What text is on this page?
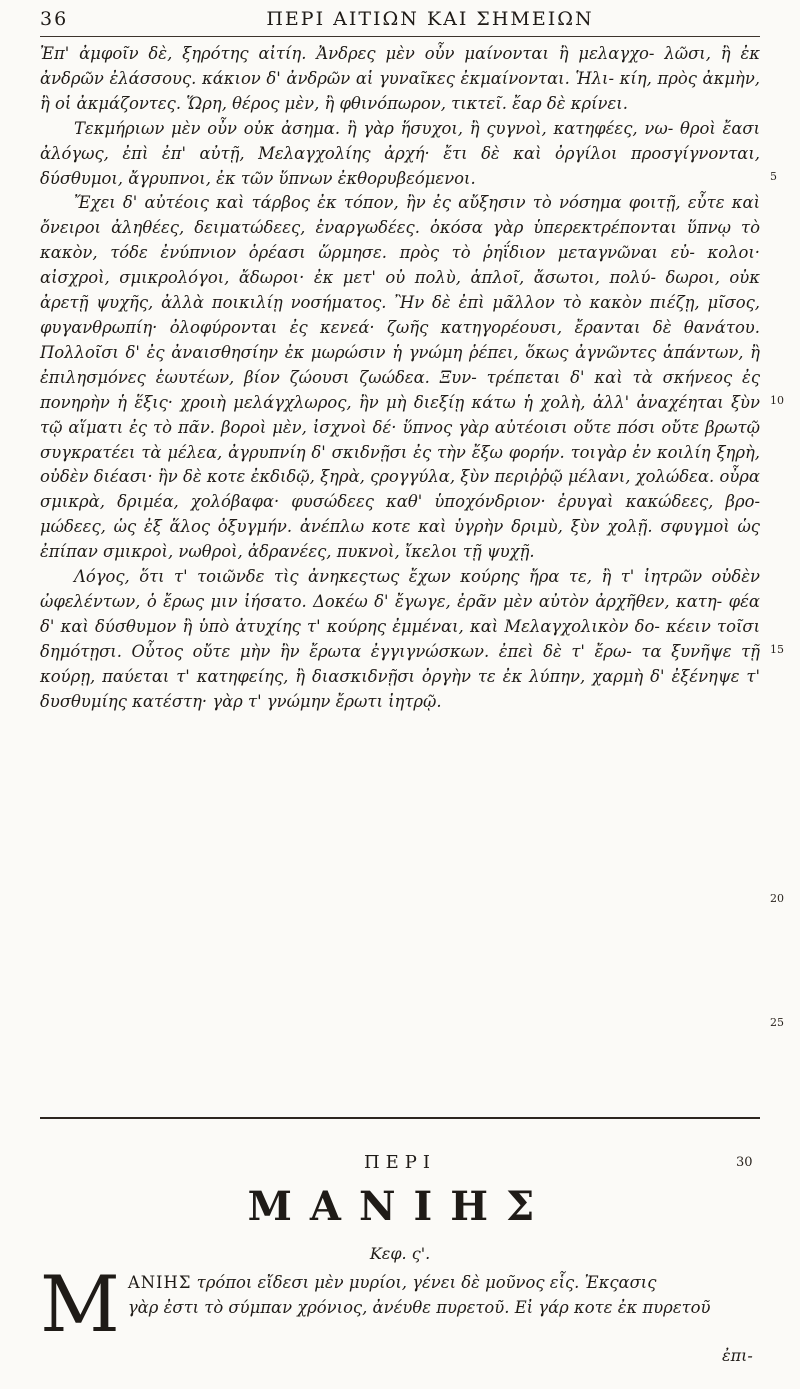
36	ΠΕΡΙ ΑΙΤΙΩΝ ΚΑΙ ΣΗΜΕΙΩΝ

Ἐπ' ἀμφοῖν δὲ, ξηρότης αἰτίη. Ἀνδρες μὲν οὖν μαίνονται ἢ μελαγχο- λῶσι, ἢ ἐκ ἀνδρῶν ἐλάσσους. κάκιον δ' ἀνδρῶν αἱ γυναῖκες ἐκμαίνονται. Ἡλι- κίη, πρὸς ἀκμὴν, ἢ οἱ ἀκμάζοντες. Ὥρη, θέρος μὲν, ἢ φθινόπωρον, τικτεῖ. ἔαρ δὲ κρίνει.

Τεκμήριων μὲν οὖν οὐκ ἀσημα. ἢ γὰρ ἥσυχοι, ἢ ςυγνοὶ, κατηφέες, νω- θροὶ ἔασι ἀλόγως, ἐπὶ ἐπ' αὐτῇ, Μελαγχολίης ἀρχή· ἔτι δὲ καὶ ὀργίλοι προσγίγνονται, δύσθυμοι, ἄγρυπνοι, ἐκ τῶν ὕπνων ἐκθορυβεόμενοι.

Ἔχει δ' αὐτέοις καὶ τάρβος ἐκ τόπον, ἢν ἐς αὔξησιν τὸ νόσημα φοιτῇ, εὖτε καὶ ὄνειροι ἀληθέες, δειματώδεες, ἐναργωδέες. ὁκόσα γὰρ ὑπερεκτρέπονται ὕπνῳ τὸ κακὸν, τόδε ἐνύπνιον ὁρέασι ὥρμησε. πρὸς τὸ ῥηΐδιον μεταγνῶναι εὐ- κολοι· αἰσχροὶ, σμικρολόγοι, ἄδωροι· ἐκ μετ' οὐ πολὺ, ἁπλοῖ, ἄσωτοι, πολύ- δωροι, οὐκ ἀρετῇ ψυχῆς, ἀλλὰ ποικιλίῃ νοσήματος. Ἢν δὲ ἐπὶ μᾶλλον τὸ κακὸν πιέζῃ, μῖσος, φυγανθρωπίη· ὀλοφύρονται ἐς κενεά· ζωῆς κατηγορέουσι, ἔρανται δὲ θανάτου. Πολλοῖσι δ' ἐς ἀναισθησίην ἐκ μωρώσιν ἡ γνώμη ῥέπει, ὅκως ἀγνῶντες ἁπάντων, ἢ ἐπιλησμόνες ἑωυτέων, βίον ζώουσι ζωώδεα. Ξυν- τρέπεται δ' καὶ τὰ σκήνεος ἐς πονηρὴν ἡ ἕξις· χροιὴ μελάγχλωρος, ἢν μὴ διεξίῃ κάτω ἡ χολὴ, ἀλλ' ἀναχέηται ξὺν τῷ αἵματι ἐς τὸ πᾶν. βοροὶ μὲν, ἰσχνοὶ δέ· ὕπνος γὰρ αὐτέοισι οὔτε πόσι οὔτε βρωτῷ συγκρατέει τὰ μέλεα, ἀγρυπνίη δ' σκιδνῇσι ἐς τὴν ἔξω φορήν. τοιγὰρ ἐν κοιλίη ξηρὴ, οὐδὲν διέασι· ἢν δὲ κοτε ἐκδιδῷ, ξηρὰ, ςρογγύλα, ξὺν περιῤῥῷ μέλανι, χολώδεα. οὖρα σμικρὰ, δριμέα, χολόβαφα· φυσώδεες καθ' ὑποχόνδριον· ἐρυγαὶ κακώδεες, βρο- μώδεες, ὡς ἐξ ἅλος ὀξυγμήν. ἀνέπλω κοτε καὶ ὑγρὴν δριμὺ, ξὺν χολῇ. σφυγμοὶ ὡς ἐπίπαν σμικροὶ, νωθροὶ, ἀδρανέες, πυκνοὶ, ἴκελοι τῇ ψυχῇ.

Λόγος, ὅτι τ' τοιῶνδε τὶς ἀνηκεςτως ἔχων κούρης ἤρα τε, ἢ τ' ἰητρῶν οὐδὲν ὠφελέντων, ὁ ἔρως μιν ἰήσατο. Δοκέω δ' ἔγωγε, ἐρᾶν μὲν αὐτὸν ἀρχῆθεν, κατη- φέα δ' καὶ δύσθυμον ἢ ὑπὸ ἀτυχίης τ' κούρης ἐμμέναι, καὶ Μελαγχολικὸν δο- κέειν τοῖσι δημότῃσι. Οὗτος οὔτε μὴν ἢν ἔρωτα ἐγγιγνώσκων. ἐπεὶ δὲ τ' ἔρω- τα ξυνῆψε τῇ κούρῃ, παύεται τ' κατηφείης, ἢ διασκιδνῇσι ὀργὴν τε ἐκ λύπην, χαρμὴ δ' ἐξένηψε τ' δυσθυμίης κατέστη· γὰρ τ' γνώμην ἔρωτι ἰητρῷ.

5
10
15
20
25
ΠΕΡΙ	30
ΜΑΝΙΗΣ
Κεφ. ς'.
Μ ΑΝΙΗΣ τρόποι εἴδεσι μὲν μυρίοι, γένει δὲ μοῦνος εἷς. Ἐκςασις
γὰρ ἐστι τὸ σύμπαν χρόνιος, ἀνέυθε πυρετοῦ. Εἰ γάρ κοτε ἐκ πυρετοῦ
ἐπι-
